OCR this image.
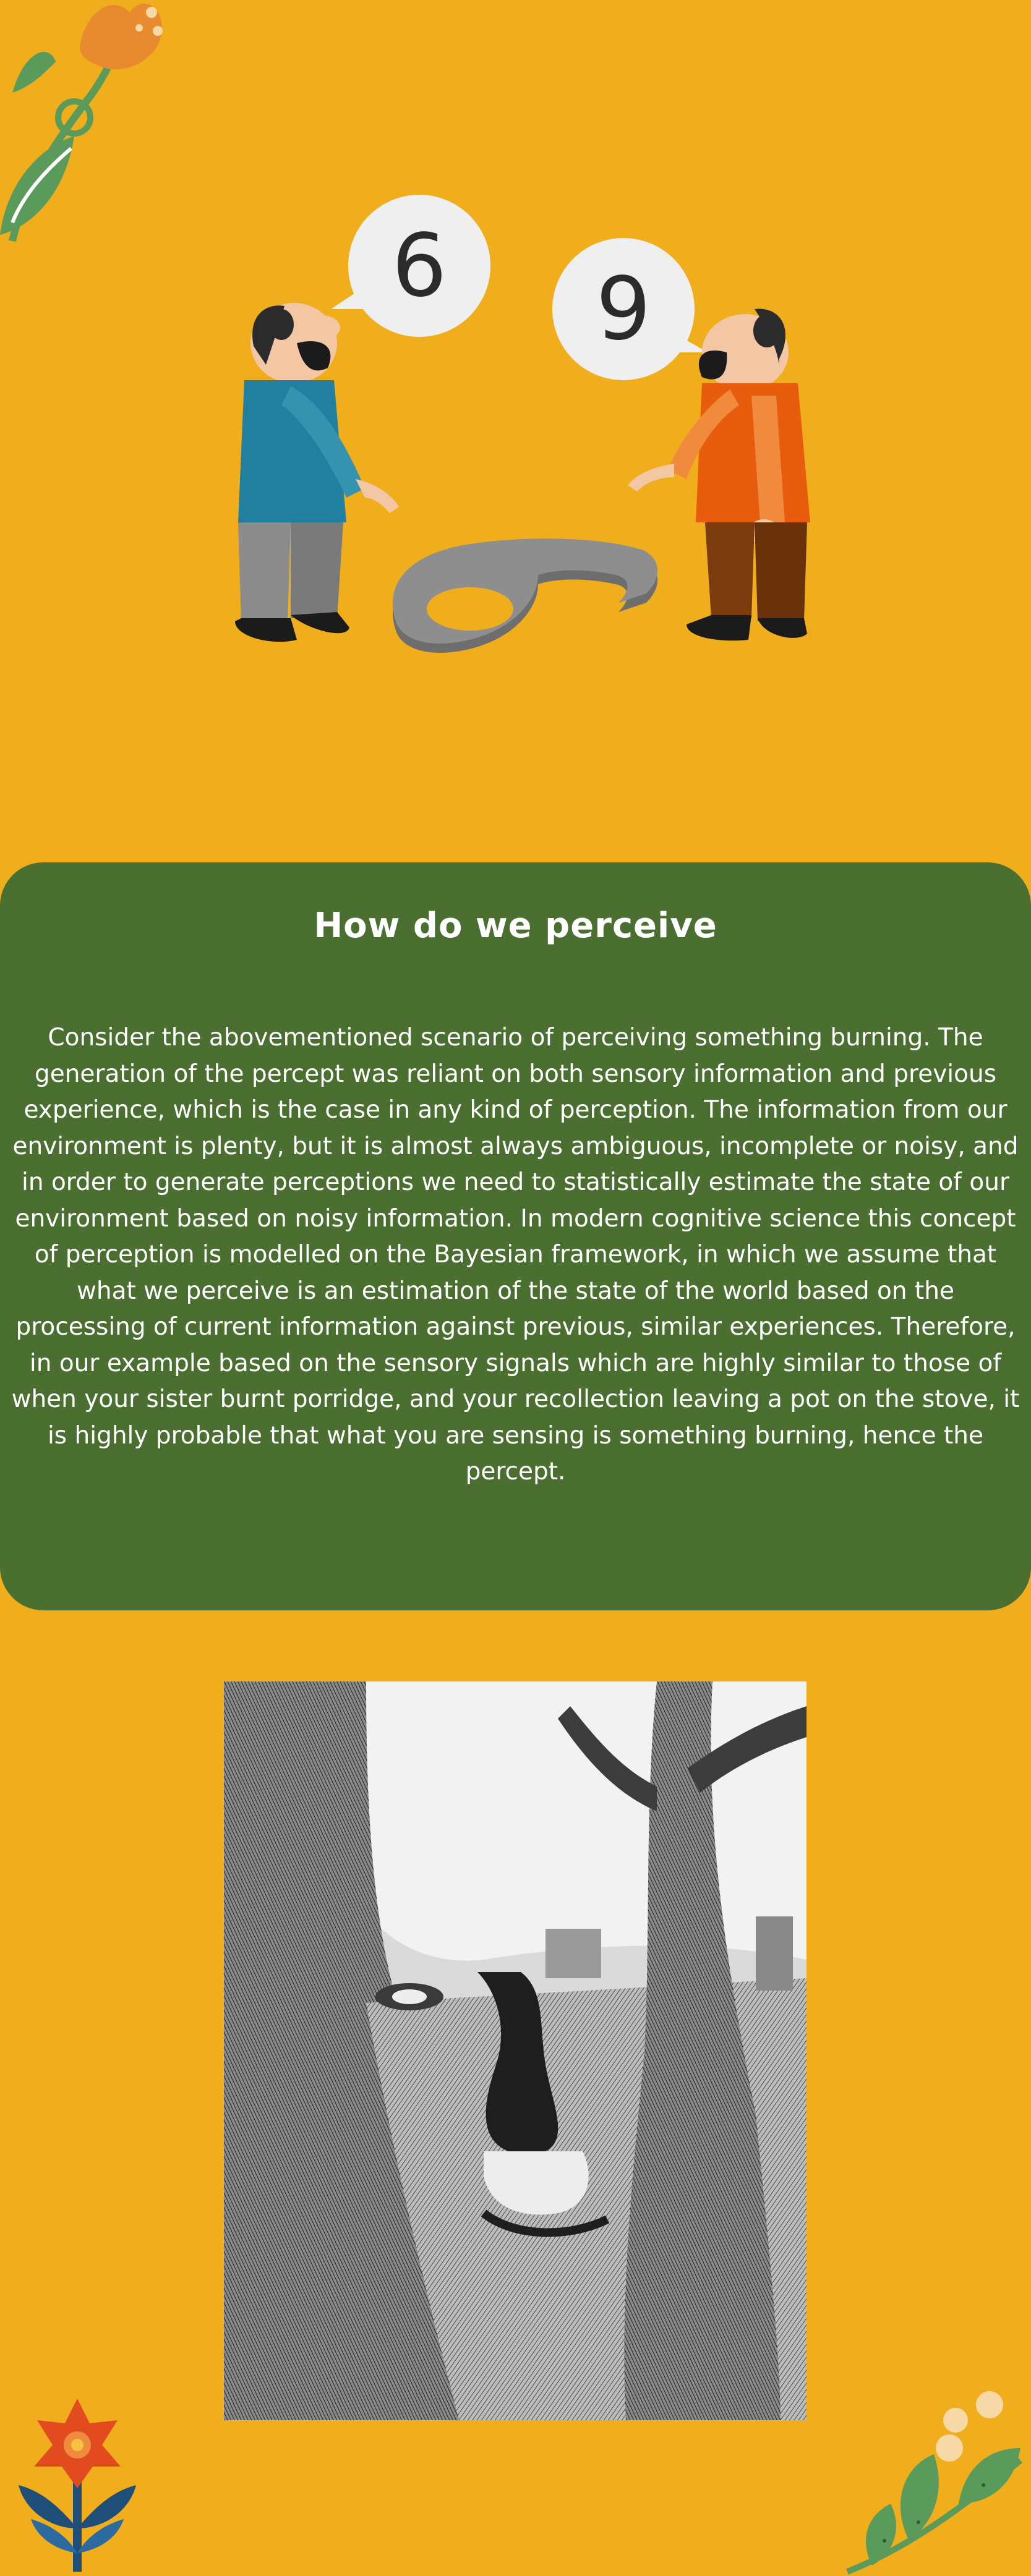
6 9
How do we perceive

Consider the abovementioned scenario of perceiving something burning. The generation of the percept was reliant on both sensory information and previous experience, which is the case in any kind of perception. The information from our environment is plenty, but it is almost always ambiguous, incomplete or noisy, and in order to generate perceptions we need to statistically estimate the state of our environment based on noisy information. In modern cognitive science this concept of perception is modelled on the Bayesian framework, in which we assume that what we perceive is an estimation of the state of the world based on the processing of current information against previous, similar experiences. Therefore, in our example based on the sensory signals which are highly similar to those of when your sister burnt porridge, and your recollection leaving a pot on the stove, it is highly probable that what you are sensing is something burning, hence the percept.
